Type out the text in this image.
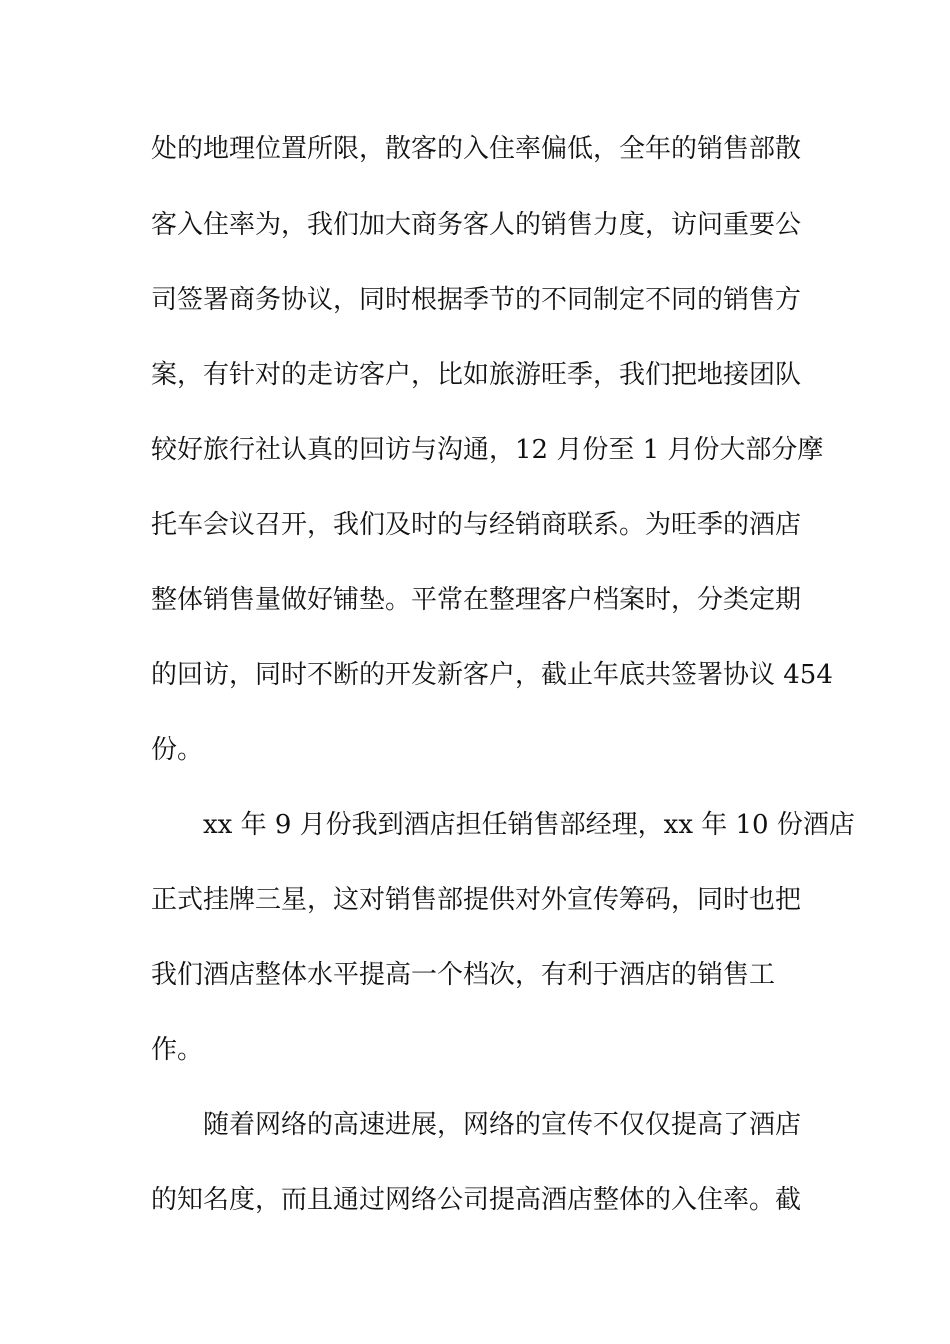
处的地理位置所限，散客的入住率偏低，全年的销售部散
客入住率为，我们加大商务客人的销售力度，访问重要公
司签署商务协议，同时根据季节的不同制定不同的销售方
案，有针对的走访客户，比如旅游旺季，我们把地接团队
较好旅行社认真的回访与沟通，12 月份至 1 月份大部分摩
托车会议召开，我们及时的与经销商联系。为旺季的酒店
整体销售量做好铺垫。平常在整理客户档案时，分类定期
的回访，同时不断的开发新客户，截止年底共签署协议 454
份。
xx 年 9 月份我到酒店担任销售部经理，xx 年 10 份酒店
正式挂牌三星，这对销售部提供对外宣传筹码，同时也把
我们酒店整体水平提高一个档次，有利于酒店的销售工
作。
随着网络的高速进展，网络的宣传不仅仅提高了酒店
的知名度，而且通过网络公司提高酒店整体的入住率。截
